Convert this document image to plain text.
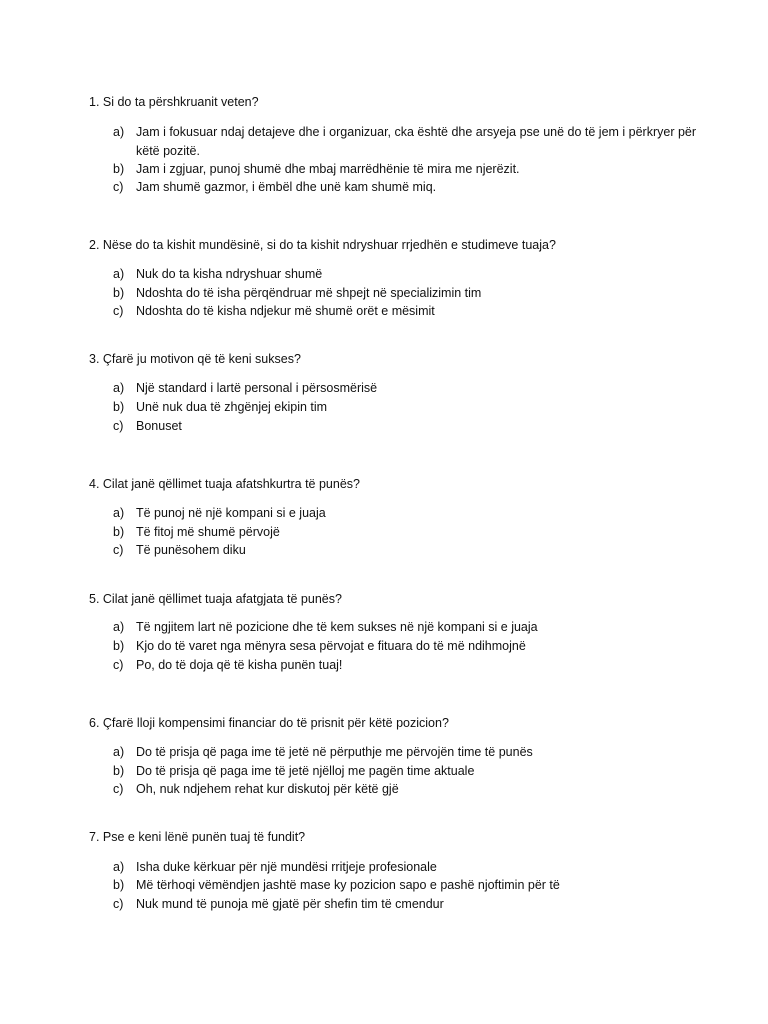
1. Si do ta përshkruanit veten?
a) Jam i fokusuar ndaj detajeve dhe i organizuar, cka është dhe arsyeja pse unë do të jem i përkryer për këtë pozitë.
b) Jam i zgjuar, punoj shumë dhe mbaj marrëdhënie të mira me njerëzit.
c)	Jam shumë gazmor, i ëmbël dhe unë kam shumë miq.
2. Nëse do ta kishit mundësinë, si do ta kishit ndryshuar rrjedhën e studimeve tuaja?
a) Nuk do ta kisha ndryshuar shumë
b) Ndoshta do të isha përqëndruar më shpejt në specializimin tim
c)	Ndoshta do të kisha ndjekur më shumë orët e mësimit
3. Çfarë ju motivon që të keni sukses?
a) Një standard i lartë personal i përsosmërisë
b) Unë nuk dua të zhgënjej ekipin tim
c)	Bonuset
4. Cilat janë qëllimet tuaja afatshkurtra të punës?
a) Të punoj në një kompani si e juaja
b) Të fitoj më shumë përvojë
c)	Të punësohem diku
5. Cilat janë qëllimet tuaja afatgjata të punës?
a) Të ngjitem lart në pozicione dhe të kem sukses në një kompani si e juaja
b) Kjo do të varet nga mënyra sesa përvojat e fituara do të më ndihmojnë
c)	Po, do të doja që të kisha punën tuaj!
6. Çfarë lloji kompensimi financiar do të prisnit për këtë pozicion?
a) Do të prisja që paga ime të jetë në përputhje me përvojën time të punës
b) Do të prisja që paga ime të jetë njëlloj me pagën time aktuale
c)	Oh, nuk ndjehem rehat kur diskutoj për këtë gjë
7. Pse e keni lënë punën tuaj të fundit?
a) Isha duke kërkuar për një mundësi rritjeje profesionale
b) Më tërhoqi vëmëndjen jashtë mase ky pozicion sapo e pashë njoftimin për të
c)	Nuk mund të punoja më gjatë për shefin tim të cmendur
